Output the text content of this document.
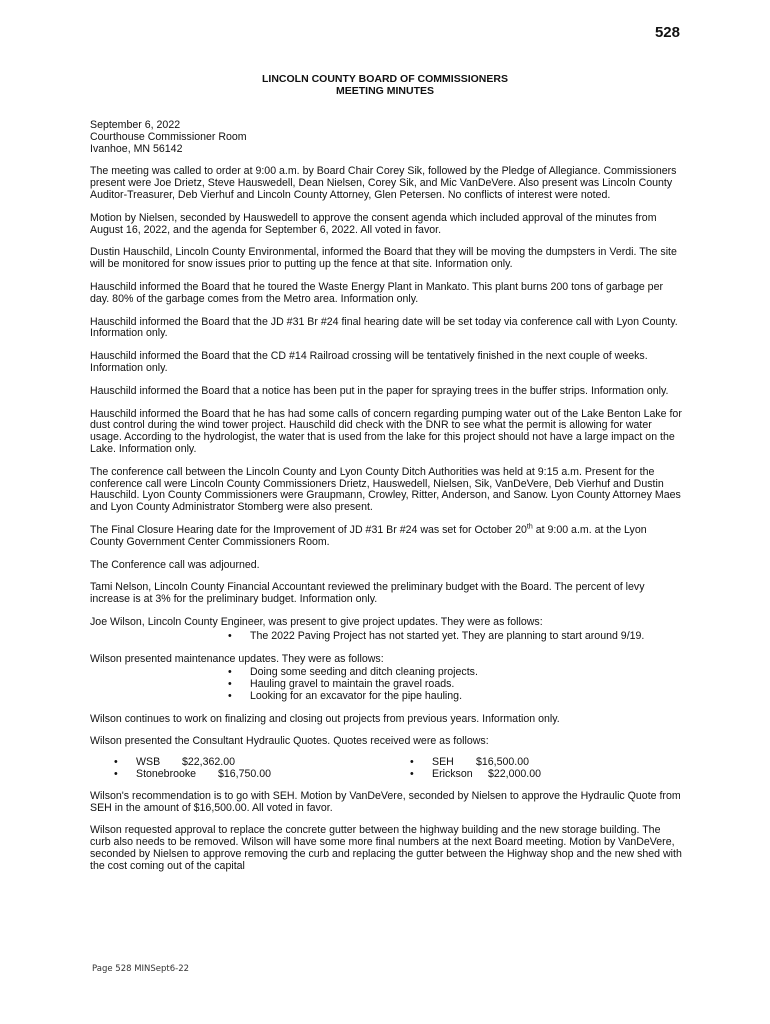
528
LINCOLN COUNTY BOARD OF COMMISSIONERS
MEETING MINUTES
September 6, 2022
Courthouse Commissioner Room
Ivanhoe, MN 56142

The meeting was called to order at 9:00 a.m. by Board Chair Corey Sik, followed by the Pledge of Allegiance. Commissioners present were Joe Drietz, Steve Hauswedell, Dean Nielsen, Corey Sik, and Mic VanDeVere. Also present was Lincoln County Auditor-Treasurer, Deb Vierhuf and Lincoln County Attorney, Glen Petersen. No conflicts of interest were noted.

Motion by Nielsen, seconded by Hauswedell to approve the consent agenda which included approval of the minutes from August 16, 2022, and the agenda for September 6, 2022. All voted in favor.

Dustin Hauschild, Lincoln County Environmental, informed the Board that they will be moving the dumpsters in Verdi. The site will be monitored for snow issues prior to putting up the fence at that site. Information only.

Hauschild informed the Board that he toured the Waste Energy Plant in Mankato. This plant burns 200 tons of garbage per day. 80% of the garbage comes from the Metro area. Information only.

Hauschild informed the Board that the JD #31 Br #24 final hearing date will be set today via conference call with Lyon County. Information only.

Hauschild informed the Board that the CD #14 Railroad crossing will be tentatively finished in the next couple of weeks. Information only.

Hauschild informed the Board that a notice has been put in the paper for spraying trees in the buffer strips. Information only.

Hauschild informed the Board that he has had some calls of concern regarding pumping water out of the Lake Benton Lake for dust control during the wind tower project. Hauschild did check with the DNR to see what the permit is allowing for water usage. According to the hydrologist, the water that is used from the lake for this project should not have a large impact on the Lake. Information only.

The conference call between the Lincoln County and Lyon County Ditch Authorities was held at 9:15 a.m. Present for the conference call were Lincoln County Commissioners Drietz, Hauswedell, Nielsen, Sik, VanDeVere, Deb Vierhuf and Dustin Hauschild. Lyon County Commissioners were Graupmann, Crowley, Ritter, Anderson, and Sanow. Lyon County Attorney Maes and Lyon County Administrator Stomberg were also present.

The Final Closure Hearing date for the Improvement of JD #31 Br #24 was set for October 20th at 9:00 a.m. at the Lyon County Government Center Commissioners Room.

The Conference call was adjourned.

Tami Nelson, Lincoln County Financial Accountant reviewed the preliminary budget with the Board. The percent of levy increase is at 3% for the preliminary budget. Information only.

Joe Wilson, Lincoln County Engineer, was present to give project updates. They were as follows:

• The 2022 Paving Project has not started yet. They are planning to start around 9/19.

Wilson presented maintenance updates. They were as follows:

• Doing some seeding and ditch cleaning projects.
• Hauling gravel to maintain the gravel roads.
• Looking for an excavator for the pipe hauling.

Wilson continues to work on finalizing and closing out projects from previous years. Information only.

Wilson presented the Consultant Hydraulic Quotes. Quotes received were as follows:

• WSB $22,362.00
• Stonebrooke $16,750.00
• SEH $16,500.00
• Erickson $22,000.00

Wilson's recommendation is to go with SEH. Motion by VanDeVere, seconded by Nielsen to approve the Hydraulic Quote from SEH in the amount of $16,500.00. All voted in favor.

Wilson requested approval to replace the concrete gutter between the highway building and the new storage building. The curb also needs to be removed. Wilson will have some more final numbers at the next Board meeting. Motion by VanDeVere, seconded by Nielsen to approve removing the curb and replacing the gutter between the Highway shop and the new shed with the cost coming out of the capital

Page 528 MINSept6-22
